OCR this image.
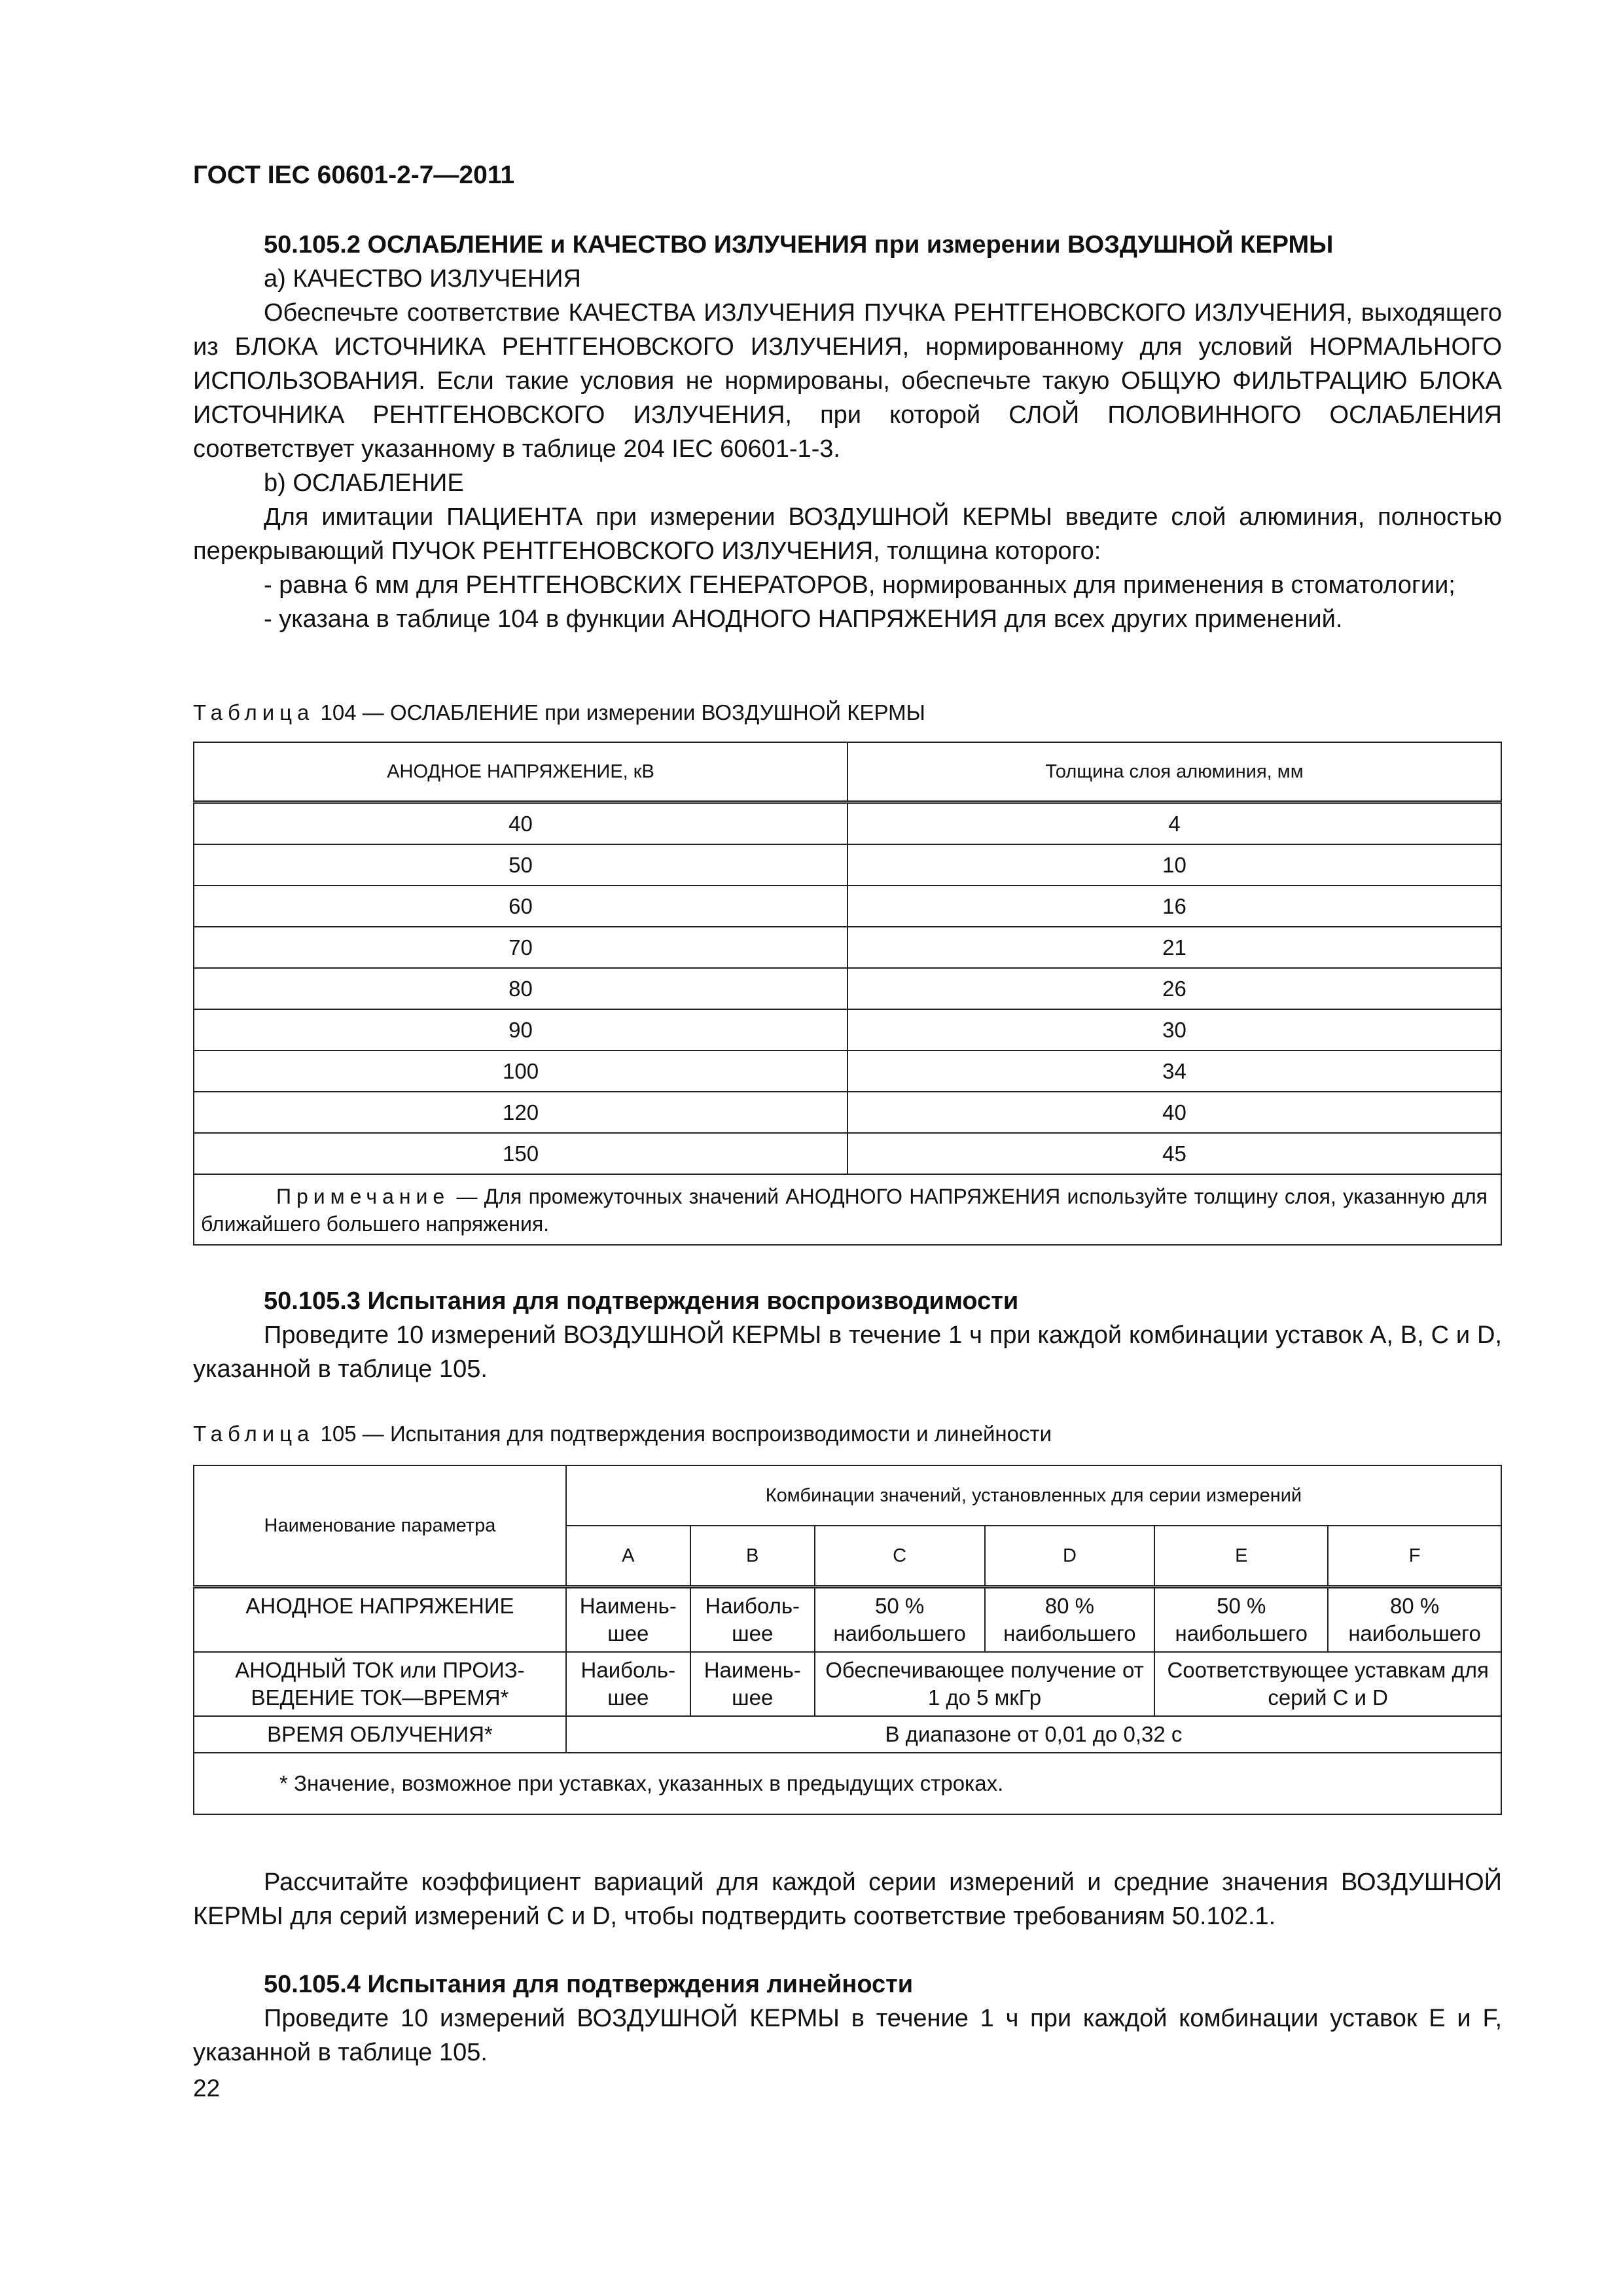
ГОСТ IEC 60601-2-7—2011
50.105.2 ОСЛАБЛЕНИЕ и КАЧЕСТВО ИЗЛУЧЕНИЯ при измерении ВОЗДУШНОЙ КЕРМЫ

а) КАЧЕСТВО ИЗЛУЧЕНИЯ

Обеспечьте соответствие КАЧЕСТВА ИЗЛУЧЕНИЯ ПУЧКА РЕНТГЕНОВСКОГО ИЗЛУЧЕНИЯ, выходящего из БЛОКА ИСТОЧНИКА РЕНТГЕНОВСКОГО ИЗЛУЧЕНИЯ, нормированному для условий НОРМАЛЬНОГО ИСПОЛЬЗОВАНИЯ. Если такие условия не нормированы, обеспечьте такую ОБЩУЮ ФИЛЬТРАЦИЮ БЛОКА ИСТОЧНИКА РЕНТГЕНОВСКОГО ИЗЛУЧЕНИЯ, при которой СЛОЙ ПОЛОВИННОГО ОСЛАБЛЕНИЯ соответствует указанному в таблице 204 IEC 60601-1-3.

b) ОСЛАБЛЕНИЕ

Для имитации ПАЦИЕНТА при измерении ВОЗДУШНОЙ КЕРМЫ введите слой алюминия, полностью перекрывающий ПУЧОК РЕНТГЕНОВСКОГО ИЗЛУЧЕНИЯ, толщина которого:

- равна 6 мм для РЕНТГЕНОВСКИХ ГЕНЕРАТОРОВ, нормированных для применения в стоматологии;

- указана в таблице 104 в функции АНОДНОГО НАПРЯЖЕНИЯ для всех других применений.

Таблица 104 — ОСЛАБЛЕНИЕ при измерении ВОЗДУШНОЙ КЕРМЫ
АНОДНОЕ НАПРЯЖЕНИЕ, кВ	Толщина слоя алюминия, мм
40	4
50	10
60	16
70	21
80	26
90	30
100	34
120	40
150	45
Примечание — Для промежуточных значений АНОДНОГО НАПРЯЖЕНИЯ используйте толщину слоя, указанную для ближайшего большего напряжения.	
50.105.3 Испытания для подтверждения воспроизводимости

Проведите 10 измерений ВОЗДУШНОЙ КЕРМЫ в течение 1 ч при каждой комбинации уставок А, В, С и D, указанной в таблице 105.

Таблица 105 — Испытания для подтверждения воспроизводимости и линейности
Наименование параметра	Комбинации значений, установленных для серии измерений					
	А	В	С	D	Е	F
АНОДНОЕ НАПРЯЖЕНИЕ	Наимень-шее	Наиболь-шее	50 % наибольшего	80 % наибольшего	50 % наибольшего	80 % наибольшего
АНОДНЫЙ ТОК или ПРОИЗ-ВЕДЕНИЕ ТОК—ВРЕМЯ*	Наиболь-шее	Наимень-шее	Обеспечивающее получение от 1 до 5 мкГр		Соответствующее уставкам для серий С и D	
ВРЕМЯ ОБЛУЧЕНИЯ*	В диапазоне от 0,01 до 0,32 с					
* Значение, возможное при уставках, указанных в предыдущих строках.						

Рассчитайте коэффициент вариаций для каждой серии измерений и средние значения ВОЗДУШНОЙ КЕРМЫ для серий измерений С и D, чтобы подтвердить соответствие требованиям 50.102.1.

50.105.4 Испытания для подтверждения линейности

Проведите 10 измерений ВОЗДУШНОЙ КЕРМЫ в течение 1 ч при каждой комбинации уставок Е и F, указанной в таблице 105.

22
